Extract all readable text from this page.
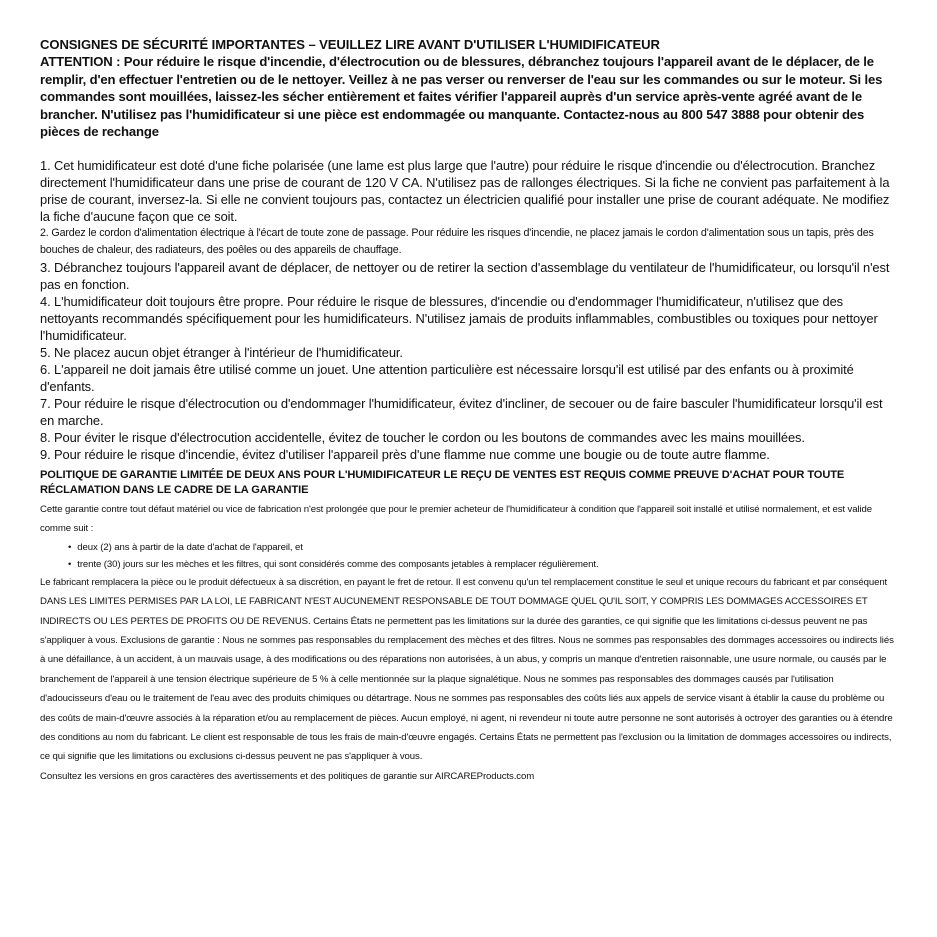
CONSIGNES DE SÉCURITÉ IMPORTANTES – VEUILLEZ LIRE AVANT D'UTILISER L'HUMIDIFICATEUR

ATTENTION : Pour réduire le risque d'incendie, d'électrocution ou de blessures, débranchez toujours l'appareil avant de le déplacer, de le remplir, d'en effectuer l'entretien ou de le nettoyer. Veillez à ne pas verser ou renverser de l'eau sur les commandes ou sur le moteur. Si les commandes sont mouillées, laissez-les sécher entièrement et faites vérifier l'appareil auprès d'un service après-vente agréé avant de le brancher. N'utilisez pas l'humidificateur si une pièce est endommagée ou manquante. Contactez-nous au 800 547 3888 pour obtenir des pièces de rechange

1. Cet humidificateur est doté d'une fiche polarisée (une lame est plus large que l'autre) pour réduire le risque d'incendie ou d'électrocution. Branchez directement l'humidificateur dans une prise de courant de 120 V CA. N'utilisez pas de rallonges électriques. Si la fiche ne convient pas parfaitement à la prise de courant, inversez-la. Si elle ne convient toujours pas, contactez un électricien qualifié pour installer une prise de courant adéquate. Ne modifiez la fiche d'aucune façon que ce soit.
2. Gardez le cordon d'alimentation électrique à l'écart de toute zone de passage. Pour réduire les risques d'incendie, ne placez jamais le cordon d'alimentation sous un tapis, près des bouches de chaleur, des radiateurs, des poêles ou des appareils de chauffage.
3. Débranchez toujours l'appareil avant de déplacer, de nettoyer ou de retirer la section d'assemblage du ventilateur de l'humidificateur, ou lorsqu'il n'est pas en fonction.
4. L'humidificateur doit toujours être propre. Pour réduire le risque de blessures, d'incendie ou d'endommager l'humidificateur, n'utilisez que des nettoyants recommandés spécifiquement pour les humidificateurs. N'utilisez jamais de produits inflammables, combustibles ou toxiques pour nettoyer l'humidificateur.
5. Ne placez aucun objet étranger à l'intérieur de l'humidificateur.
6. L'appareil ne doit jamais être utilisé comme un jouet. Une attention particulière est nécessaire lorsqu'il est utilisé par des enfants ou à proximité d'enfants.
7. Pour réduire le risque d'électrocution ou d'endommager l'humidificateur, évitez d'incliner, de secouer ou de faire basculer l'humidificateur lorsqu'il est en marche.
8. Pour éviter le risque d'électrocution accidentelle, évitez de toucher le cordon ou les boutons de commandes avec les mains mouillées.
9. Pour réduire le risque d'incendie, évitez d'utiliser l'appareil près d'une flamme nue comme une bougie ou de toute autre flamme.
POLITIQUE DE GARANTIE LIMITÉE DE DEUX ANS POUR L'HUMIDIFICATEUR LE REÇU DE VENTES EST REQUIS COMME PREUVE D'ACHAT POUR TOUTE RÉCLAMATION DANS LE CADRE DE LA GARANTIE

Cette garantie contre tout défaut matériel ou vice de fabrication n'est prolongée que pour le premier acheteur de l'humidificateur à condition que l'appareil soit installé et utilisé normalement, et est valide comme suit :

• deux (2) ans à partir de la date d'achat de l'appareil, et
• trente (30) jours sur les mèches et les filtres, qui sont considérés comme des composants jetables à remplacer régulièrement.

Le fabricant remplacera la pièce ou le produit défectueux à sa discrétion, en payant le fret de retour. Il est convenu qu'un tel remplacement constitue le seul et unique recours du fabricant et par conséquent DANS LES LIMITES PERMISES PAR LA LOI, LE FABRICANT N'EST AUCUNEMENT RESPONSABLE DE TOUT DOMMAGE QUEL QU'IL SOIT, Y COMPRIS LES DOMMAGES ACCESSOIRES ET INDIRECTS OU LES PERTES DE PROFITS OU DE REVENUS. Certains États ne permettent pas les limitations sur la durée des garanties, ce qui signifie que les limitations ci-dessus peuvent ne pas s'appliquer à vous. Exclusions de garantie : Nous ne sommes pas responsables du remplacement des mèches et des filtres. Nous ne sommes pas responsables des dommages accessoires ou indirects liés à une défaillance, à un accident, à un mauvais usage, à des modifications ou des réparations non autorisées, à un abus, y compris un manque d'entretien raisonnable, une usure normale, ou causés par le branchement de l'appareil à une tension électrique supérieure de 5 % à celle mentionnée sur la plaque signalétique. Nous ne sommes pas responsables des dommages causés par l'utilisation d'adoucisseurs d'eau ou le traitement de l'eau avec des produits chimiques ou détartrage. Nous ne sommes pas responsables des coûts liés aux appels de service visant à établir la cause du problème ou des coûts de main-d'œuvre associés à la réparation et/ou au remplacement de pièces. Aucun employé, ni agent, ni revendeur ni toute autre personne ne sont autorisés à octroyer des garanties ou à étendre des conditions au nom du fabricant. Le client est responsable de tous les frais de main-d'œuvre engagés. Certains États ne permettent pas l'exclusion ou la limitation de dommages accessoires ou indirects, ce qui signifie que les limitations ou exclusions ci-dessus peuvent ne pas s'appliquer à vous.

Consultez les versions en gros caractères des avertissements et des politiques de garantie sur AIRCAREProducts.com
